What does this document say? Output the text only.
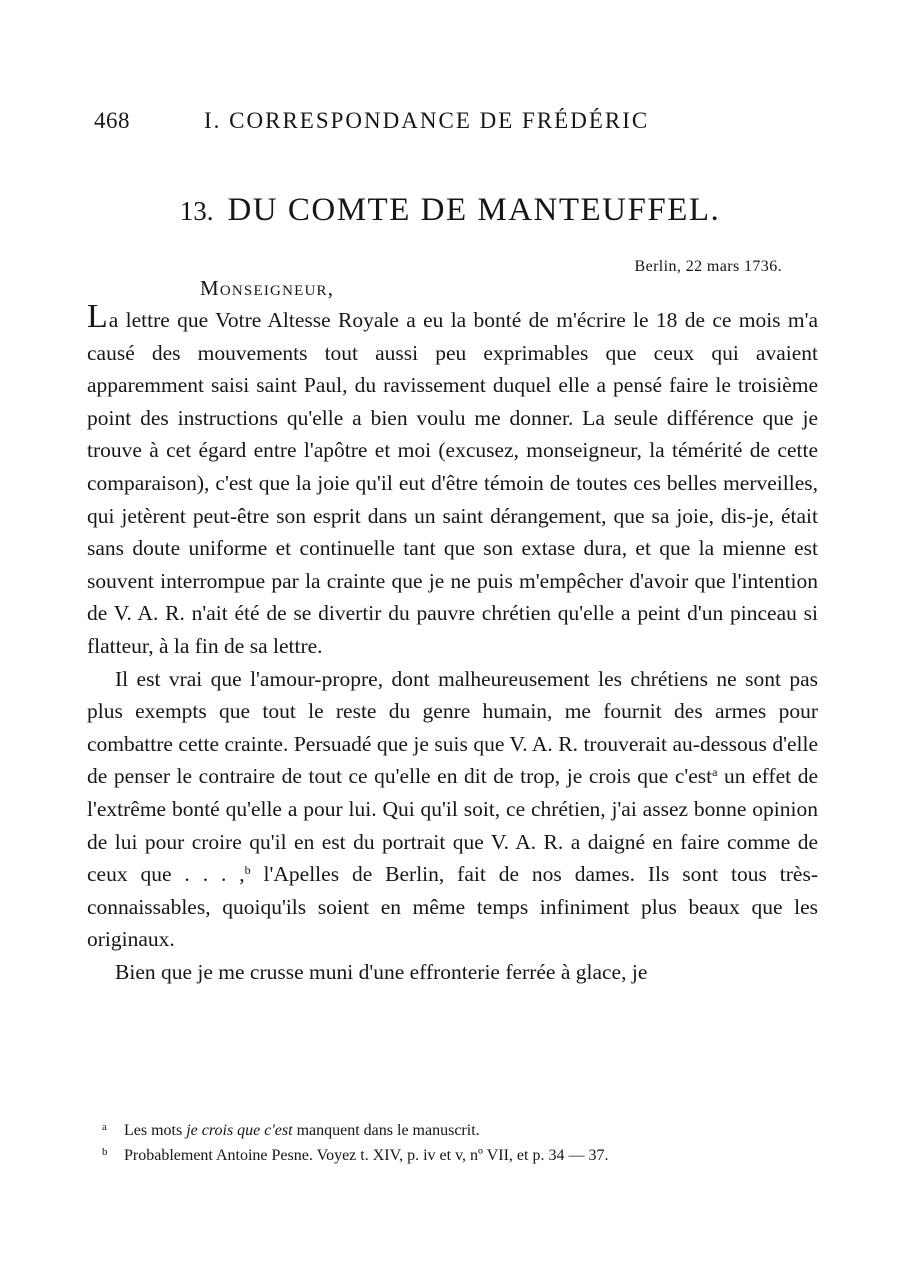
468	I. CORRESPONDANCE DE FRÉDÉRIC
13. DU COMTE DE MANTEUFFEL.
Berlin, 22 mars 1736.
Monseigneur,

La lettre que Votre Altesse Royale a eu la bonté de m'écrire le 18 de ce mois m'a causé des mouvements tout aussi peu exprimables que ceux qui avaient apparemment saisi saint Paul, du ravissement duquel elle a pensé faire le troisième point des instructions qu'elle a bien voulu me donner. La seule différence que je trouve à cet égard entre l'apôtre et moi (excusez, monseigneur, la témérité de cette comparaison), c'est que la joie qu'il eut d'être témoin de toutes ces belles merveilles, qui jetèrent peut-être son esprit dans un saint dérangement, que sa joie, dis-je, était sans doute uniforme et continuelle tant que son extase dura, et que la mienne est souvent interrompue par la crainte que je ne puis m'empêcher d'avoir que l'intention de V. A. R. n'ait été de se divertir du pauvre chrétien qu'elle a peint d'un pinceau si flatteur, à la fin de sa lettre.

Il est vrai que l'amour-propre, dont malheureusement les chrétiens ne sont pas plus exempts que tout le reste du genre humain, me fournit des armes pour combattre cette crainte. Persuadé que je suis que V. A. R. trouverait au-dessous d'elle de penser le contraire de tout ce qu'elle en dit de trop, je crois que c'est$^a$ un effet de l'extrême bonté qu'elle a pour lui. Qui qu'il soit, ce chrétien, j'ai assez bonne opinion de lui pour croire qu'il en est du portrait que V. A. R. a daigné en faire comme de ceux que . . . ,$^b$ l'Apelles de Berlin, fait de nos dames. Ils sont tous très-connaissables, quoiqu'ils soient en même temps infiniment plus beaux que les originaux.

Bien que je me crusse muni d'une effronterie ferrée à glace, je

a Les mots je crois que c'est manquent dans le manuscrit.
b Probablement Antoine Pesne. Voyez t. XIV, p. iv et v, nº VII, et p. 34 — 37.
